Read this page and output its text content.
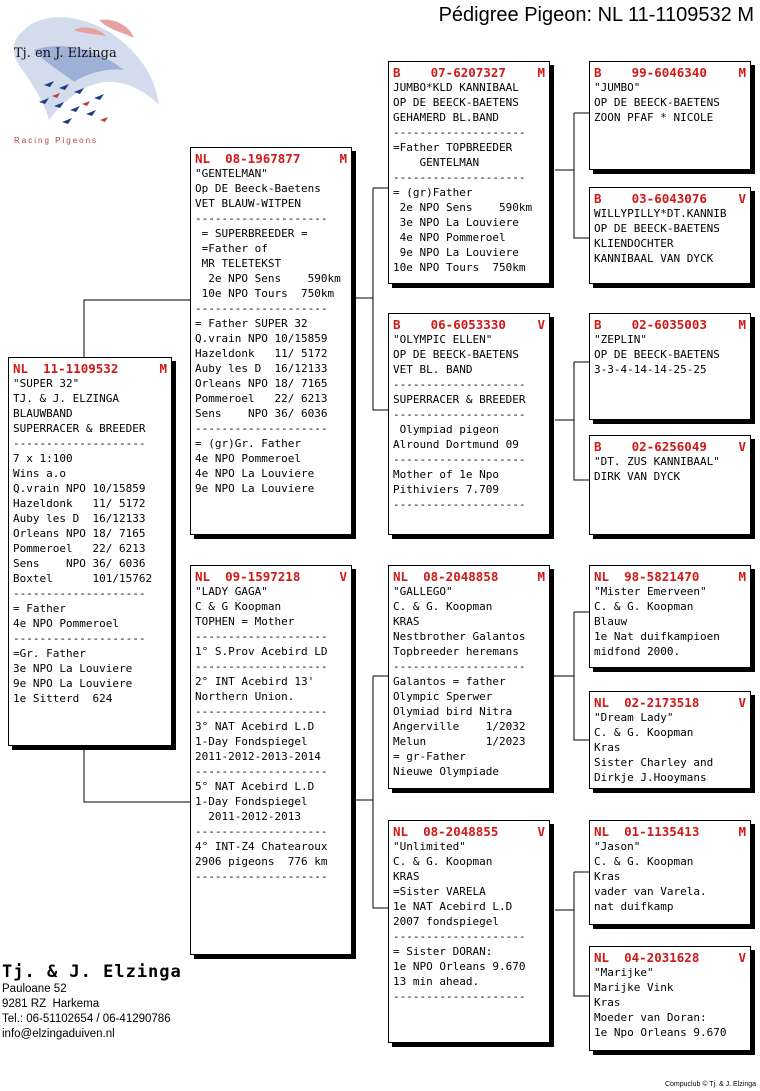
Pédigree Pigeon: NL 11-1109532 M
Tj. en J. Elzinga
Racing Pigeons
NL  11-1109532	M
"SUPER 32"
TJ. & J. ELZINGA
BLAUWBAND
SUPERRACER & BREEDER
--------------------
7 x 1:100
Wins a.o
Q.vrain NPO 10/15859
Hazeldonk   11/ 5172
Auby les D  16/12133
Orleans NPO 18/ 7165
Pommeroel   22/ 6213
Sens    NPO 36/ 6036
Boxtel      101/15762
--------------------
= Father
4e NPO Pommeroel
--------------------
=Gr. Father
3e NPO La Louviere
9e NPO La Louviere
1e Sitterd  624
NL  08-1967877	M
"GENTELMAN"
Op DE Beeck-Baetens
VET BLAUW-WITPEN
--------------------
= SUPERBREEDER =
=Father of
MR TELETEKST
2e NPO Sens    590km
10e NPO Tours  750km
--------------------
= Father SUPER 32
Q.vrain NPO 10/15859
Hazeldonk   11/ 5172
Auby les D  16/12133
Orleans NPO 18/ 7165
Pommeroel   22/ 6213
Sens    NPO 36/ 6036
--------------------
= (gr)Gr. Father
4e NPO Pommeroel
4e NPO La Louviere
9e NPO La Louviere
NL  09-1597218	V
"LADY GAGA"
C & G Koopman
TOPHEN = Mother
--------------------
1° S.Prov Acebird LD
--------------------
2° INT Acebird 13'
Northern Union.
--------------------
3° NAT Acebird L.D
1-Day Fondspiegel
2011-2012-2013-2014
--------------------
5° NAT Acebird L.D
1-Day Fondspiegel
2011-2012-2013
--------------------
4° INT-Z4 Chatearoux
2906 pigeons  776 km
--------------------
B    07-6207327	M
JUMBO*KLD KANNIBAAL
OP DE BEECK-BAETENS
GEHAMERD BL.BAND
--------------------
=Father TOPBREEDER
GENTELMAN
--------------------
= (gr)Father
2e NPO Sens    590km
3e NPO La Louviere
4e NPO Pommeroel
9e NPO La Louviere
10e NPO Tours  750km
B    06-6053330	V
"OLYMPIC ELLEN"
OP DE BEECK-BAETENS
VET BL. BAND
--------------------
SUPERRACER & BREEDER
--------------------
Olympiad pigeon
Alround Dortmund 09
--------------------
Mother of 1e Npo
Pithiviers 7.709
--------------------
NL  08-2048858	M
"GALLEGO"
C. & G. Koopman
KRAS
Nestbrother Galantos
Topbreeder heremans
--------------------
Galantos = father
Olympic Sperwer
Olymiad bird Nitra
Angerville    1/2032
Melun         1/2023
= gr-Father
Nieuwe Olympiade
NL  08-2048855	V
"Unlimited"
C. & G. Koopman
KRAS
=Sister VARELA
1e NAT Acebird L.D
2007 fondspiegel
--------------------
= Sister DORAN:
1e NPO Orleans 9.670
13 min ahead.
--------------------
B    99-6046340	M
"JUMBO"
OP DE BEECK-BAETENS
ZOON PFAF * NICOLE
B    03-6043076	V
WILLYPILLY*DT.KANNIB
OP DE BEECK-BAETENS
KLIENDOCHTER
KANNIBAAL VAN DYCK
B    02-6035003	M
"ZEPLIN"
OP DE BEECK-BAETENS
3-3-4-14-14-25-25
B    02-6256049	V
"DT. ZUS KANNIBAAL"
DIRK VAN DYCK
NL  98-5821470	M
"Mister Emerveen"
C. & G. Koopman
Blauw
1e Nat duifkampioen
midfond 2000.
NL  02-2173518	V
"Dream Lady"
C. & G. Koopman
Kras
Sister Charley and
Dirkje J.Hooymans
NL  01-1135413	M
"Jason"
C. & G. Koopman
Kras
vader van Varela.
nat duifkamp
NL  04-2031628	V
"Marijke"
Marijke Vink
Kras
Moeder van Doran:
1e Npo Orleans 9.670
Tj. & J. Elzinga
Pauloane 52
9281 RZ  Harkema
Tel.: 06-51102654 / 06-41290786
info@elzingaduiven.nl
Compuclub © Tj. & J. Elzinga
